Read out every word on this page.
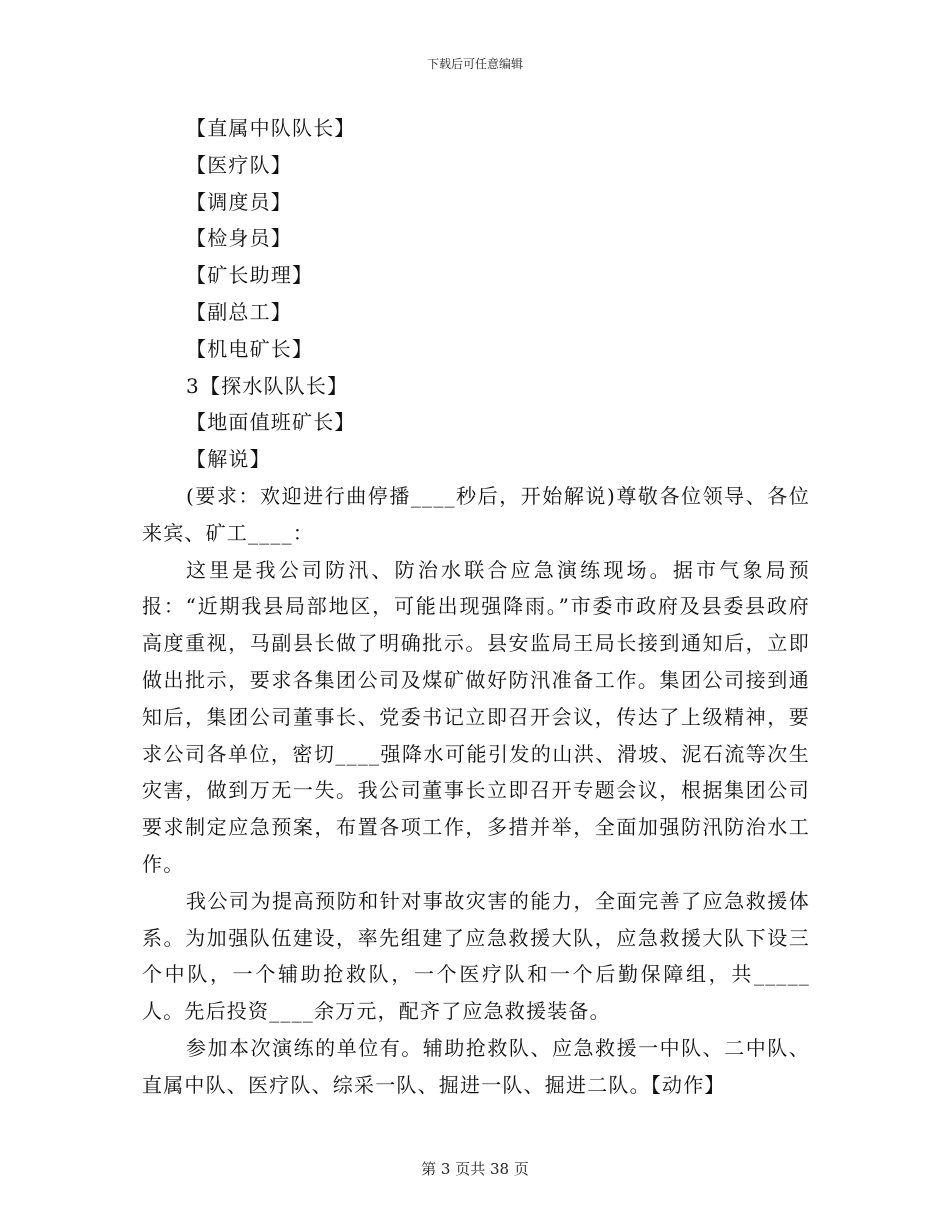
下载后可任意编辑
【直属中队队长】
【医疗队】
【调度员】
【检身员】
【矿长助理】
【副总工】
【机电矿长】
3【探水队队长】
【地面值班矿长】
【解说】

(要求：欢迎进行曲停播____秒后，开始解说)尊敬各位领导、各位来宾、矿工____：

这里是我公司防汛、防治水联合应急演练现场。据市气象局预报：“近期我县局部地区，可能出现强降雨。”市委市政府及县委县政府高度重视，马副县长做了明确批示。县安监局王局长接到通知后，立即做出批示，要求各集团公司及煤矿做好防汛准备工作。集团公司接到通知后，集团公司董事长、党委书记立即召开会议，传达了上级精神，要求公司各单位，密切____强降水可能引发的山洪、滑坡、泥石流等次生灾害，做到万无一失。我公司董事长立即召开专题会议，根据集团公司要求制定应急预案，布置各项工作，多措并举，全面加强防汛防治水工作。

我公司为提高预防和针对事故灾害的能力，全面完善了应急救援体系。为加强队伍建设，率先组建了应急救援大队，应急救援大队下设三个中队，一个辅助抢救队，一个医疗队和一个后勤保障组，共_____人。先后投资____余万元，配齐了应急救援装备。

参加本次演练的单位有。辅助抢救队、应急救援一中队、二中队、直属中队、医疗队、综采一队、掘进一队、掘进二队。【动作】

第 3 页共 38 页
